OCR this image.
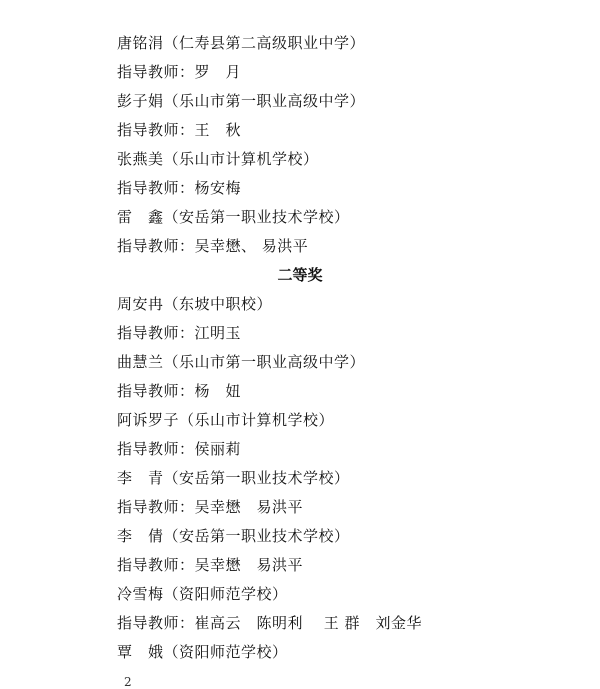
唐铭涓（仁寿县第二高级职业中学）
指导教师：罗　月
彭子娟（乐山市第一职业高级中学）
指导教师：王　秋
张燕美（乐山市计算机学校）
指导教师：杨安梅
雷　鑫（安岳第一职业技术学校）
指导教师：吴幸懋、 易洪平
二等奖
周安冉（东坡中职校）
指导教师：江明玉
曲慧兰（乐山市第一职业高级中学）
指导教师：杨　妞
阿诉罗子（乐山市计算机学校）
指导教师：侯丽莉
李　青（安岳第一职业技术学校）
指导教师：吴幸懋　易洪平
李　倩（安岳第一职业技术学校）
指导教师：吴幸懋　易洪平
冷雪梅（资阳师范学校）
指导教师：崔高云　陈明利　 王 群　刘金华
覃　娥（资阳师范学校）
2
